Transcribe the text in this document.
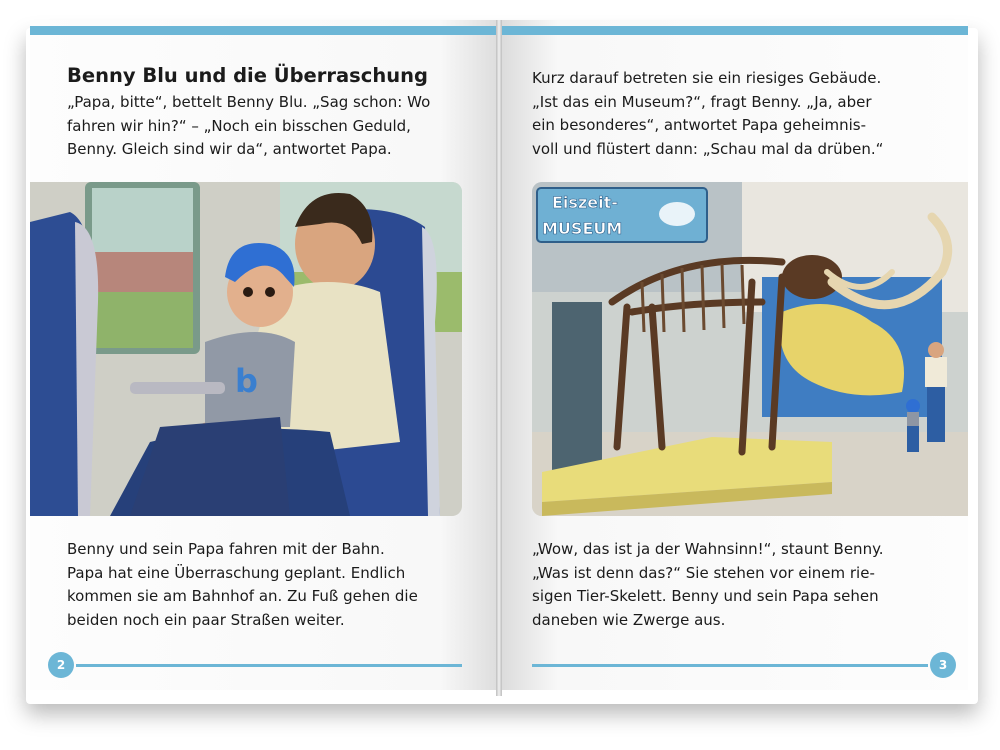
Benny Blu und die Überraschung
„Papa, bitte“, bettelt Benny Blu. „Sag schon: Wo
fahren wir hin?“ – „Noch ein bisschen Geduld,
Benny. Gleich sind wir da“, antwortet Papa.
b
Benny und sein Papa fahren mit der Bahn.
Papa hat eine Überraschung geplant. Endlich
kommen sie am Bahnhof an. Zu Fuß gehen die
beiden noch ein paar Straßen weiter.
2
Kurz darauf betreten sie ein riesiges Gebäude.
„Ist das ein Museum?“, fragt Benny. „Ja, aber
ein besonderes“, antwortet Papa geheimnis-
voll und flüstert dann: „Schau mal da drüben.“
Eiszeit-
MUSEUM
„Wow, das ist ja der Wahnsinn!“, staunt Benny.
„Was ist denn das?“ Sie stehen vor einem rie-
sigen Tier-Skelett. Benny und sein Papa sehen
daneben wie Zwerge aus.
3
